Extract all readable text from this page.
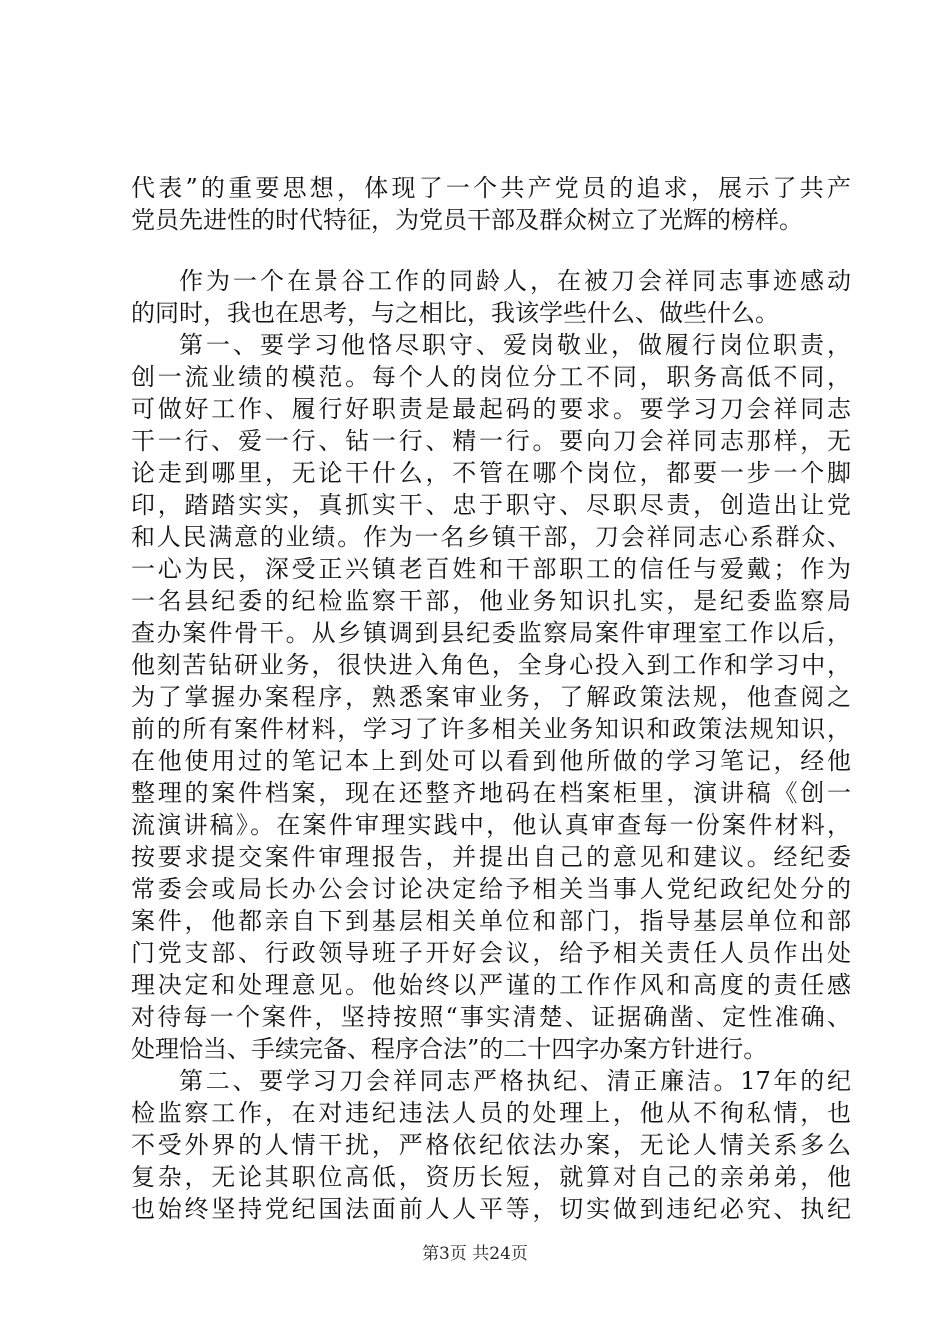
代表”的重要思想，体现了一个共产党员的追求，展示了共产
党员先进性的时代特征，为党员干部及群众树立了光辉的榜样。
作为一个在景谷工作的同龄人，在被刀会祥同志事迹感动
的同时，我也在思考，与之相比，我该学些什么、做些什么。
第一、要学习他恪尽职守、爱岗敬业，做履行岗位职责，
创一流业绩的模范。每个人的岗位分工不同，职务高低不同，
可做好工作、履行好职责是最起码的要求。要学习刀会祥同志
干一行、爱一行、钻一行、精一行。要向刀会祥同志那样，无
论走到哪里，无论干什么，不管在哪个岗位，都要一步一个脚
印，踏踏实实，真抓实干、忠于职守、尽职尽责，创造出让党
和人民满意的业绩。作为一名乡镇干部，刀会祥同志心系群众、
一心为民，深受正兴镇老百姓和干部职工的信任与爱戴；作为
一名县纪委的纪检监察干部，他业务知识扎实，是纪委监察局
查办案件骨干。从乡镇调到县纪委监察局案件审理室工作以后，
他刻苦钻研业务，很快进入角色，全身心投入到工作和学习中，
为了掌握办案程序，熟悉案审业务，了解政策法规，他查阅之
前的所有案件材料，学习了许多相关业务知识和政策法规知识，
在他使用过的笔记本上到处可以看到他所做的学习笔记，经他
整理的案件档案，现在还整齐地码在档案柜里，演讲稿《创一
流演讲稿》。在案件审理实践中，他认真审查每一份案件材料，
按要求提交案件审理报告，并提出自己的意见和建议。经纪委
常委会或局长办公会讨论决定给予相关当事人党纪政纪处分的
案件，他都亲自下到基层相关单位和部门，指导基层单位和部
门党支部、行政领导班子开好会议，给予相关责任人员作出处
理决定和处理意见。他始终以严谨的工作作风和高度的责任感
对待每一个案件，坚持按照“事实清楚、证据确凿、定性准确、
处理恰当、手续完备、程序合法”的二十四字办案方针进行。
第二、要学习刀会祥同志严格执纪、清正廉洁。17年的纪
检监察工作，在对违纪违法人员的处理上，他从不徇私情，也
不受外界的人情干扰，严格依纪依法办案，无论人情关系多么
复杂，无论其职位高低，资历长短，就算对自己的亲弟弟，他
也始终坚持党纪国法面前人人平等，切实做到违纪必究、执纪
第3页 共24页
